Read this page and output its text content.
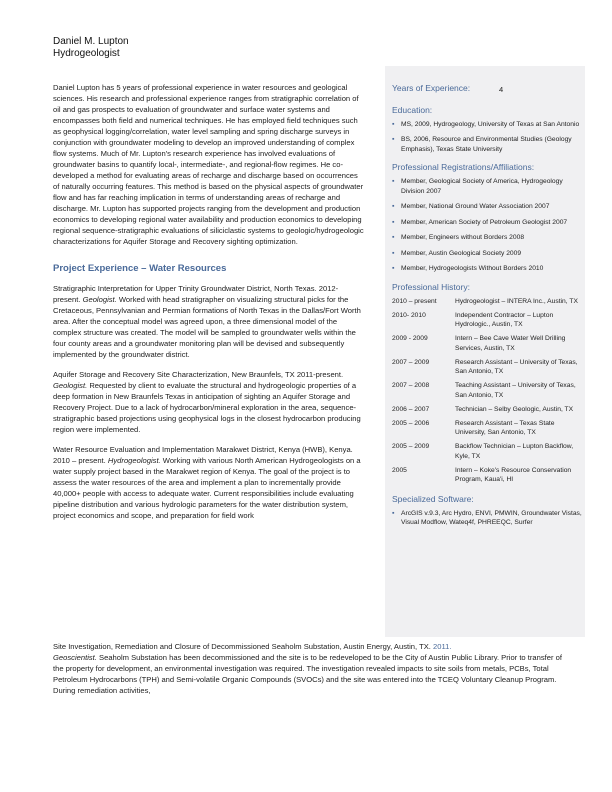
Daniel M. Lupton
Hydrogeologist

Daniel Lupton has 5 years of professional experience in water resources and geological sciences. His research and professional experience ranges from stratigraphic correlation of oil and gas prospects to evaluation of groundwater and surface water systems and encompasses both field and numerical techniques. He has employed field techniques such as geophysical logging/correlation, water level sampling and spring discharge surveys in conjunction with groundwater modeling to develop an improved understanding of complex flow systems. Much of Mr. Lupton's research experience has involved evaluations of groundwater basins to quantify local-, intermediate-, and regional-flow regimes. He co-developed a method for evaluating areas of recharge and discharge based on occurrences of naturally occurring features. This method is based on the physical aspects of groundwater flow and has far reaching implication in terms of understanding areas of recharge and discharge. Mr. Lupton has supported projects ranging from the development and production economics to developing regional water availability and production economics to developing regional sequence-stratigraphic evaluations of siliciclastic systems to geologic/hydrogeologic characterizations for Aquifer Storage and Recovery sighting optimization.

Project Experience – Water Resources
Stratigraphic Interpretation for Upper Trinity Groundwater District, North Texas. 2012-present. Geologist. Worked with head stratigrapher on visualizing structural picks for the Cretaceous, Pennsylvanian and Permian formations of North Texas in the Dallas/Fort Worth area. After the conceptual model was agreed upon, a three dimensional model of the complex structure was created. The model will be sampled to groundwater wells within the four county areas and a groundwater monitoring plan will be devised and subsequently implemented by the groundwater district.
Aquifer Storage and Recovery Site Characterization, New Braunfels, TX 2011-present. Geologist. Requested by client to evaluate the structural and hydrogeologic properties of a deep formation in New Braunfels Texas in anticipation of sighting an Aquifer Storage and Recovery Project. Due to a lack of hydrocarbon/mineral exploration in the area, sequence-stratigraphic based projections using geophysical logs in the closest hydrocarbon producing region were implemented.
Water Resource Evaluation and Implementation Marakwet District, Kenya (HWB), Kenya. 2010 – present. Hydrogeologist. Working with various North American Hydrogeologists on a water supply project based in the Marakwet region of Kenya. The goal of the project is to assess the water resources of the area and implement a plan to incrementally provide 40,000+ people with access to adequate water. Current responsibilities include evaluating pipeline distribution and various hydrologic parameters for the water distribution system, project economics and scope, and preparation for field work
Years of Experience:	4
Education:
▪ MS, 2009, Hydrogeology, University of Texas at San Antonio
▪ BS, 2006, Resource and Environmental Studies (Geology Emphasis), Texas State University
Professional Registrations/Affiliations:
▪ Member, Geological Society of America, Hydrogeology Division 2007
▪ Member, National Ground Water Association 2007
▪ Member, American Society of Petroleum Geologist 2007
▪ Member, Engineers without Borders 2008
▪ Member, Austin Geological Society 2009
▪ Member, Hydrogeologists Without Borders 2010
Professional History:
2010 – present	Hydrogeologist – INTERA Inc., Austin, TX
2010- 2010	Independent Contractor – Lupton Hydrologic., Austin, TX
2009 - 2009	Intern – Bee Cave Water Well Drilling Services, Austin, TX
2007 – 2009	Research Assistant – University of Texas, San Antonio, TX
2007 – 2008	Teaching Assistant – University of Texas, San Antonio, TX
2006 – 2007	Technician – Selby Geologic, Austin, TX
2005 – 2006	Research Assistant – Texas State University, San Antonio, TX
2005 – 2009	Backflow Technician – Lupton Backflow, Kyle, TX
2005	Intern – Koke's Resource Conservation Program, Kaua'i, HI
Specialized Software:
▪ ArcGIS v.9.3, Arc Hydro, ENVI, PMWIN, Groundwater Vistas, Visual Modflow, Wateq4f, PHREEQC, Surfer
Site Investigation, Remediation and Closure of Decommissioned Seaholm Substation, Austin Energy, Austin, TX. 2011.
Geoscientist. Seaholm Substation has been decommissioned and the site is to be redeveloped to be the City of Austin Public Library. Prior to transfer of the property for development, an environmental investigation was required. The investigation revealed impacts to site soils from metals, PCBs, Total Petroleum Hydrocarbons (TPH) and Semi-volatile Organic Compounds (SVOCs) and the site was entered into the TCEQ Voluntary Cleanup Program. During remediation activities,
